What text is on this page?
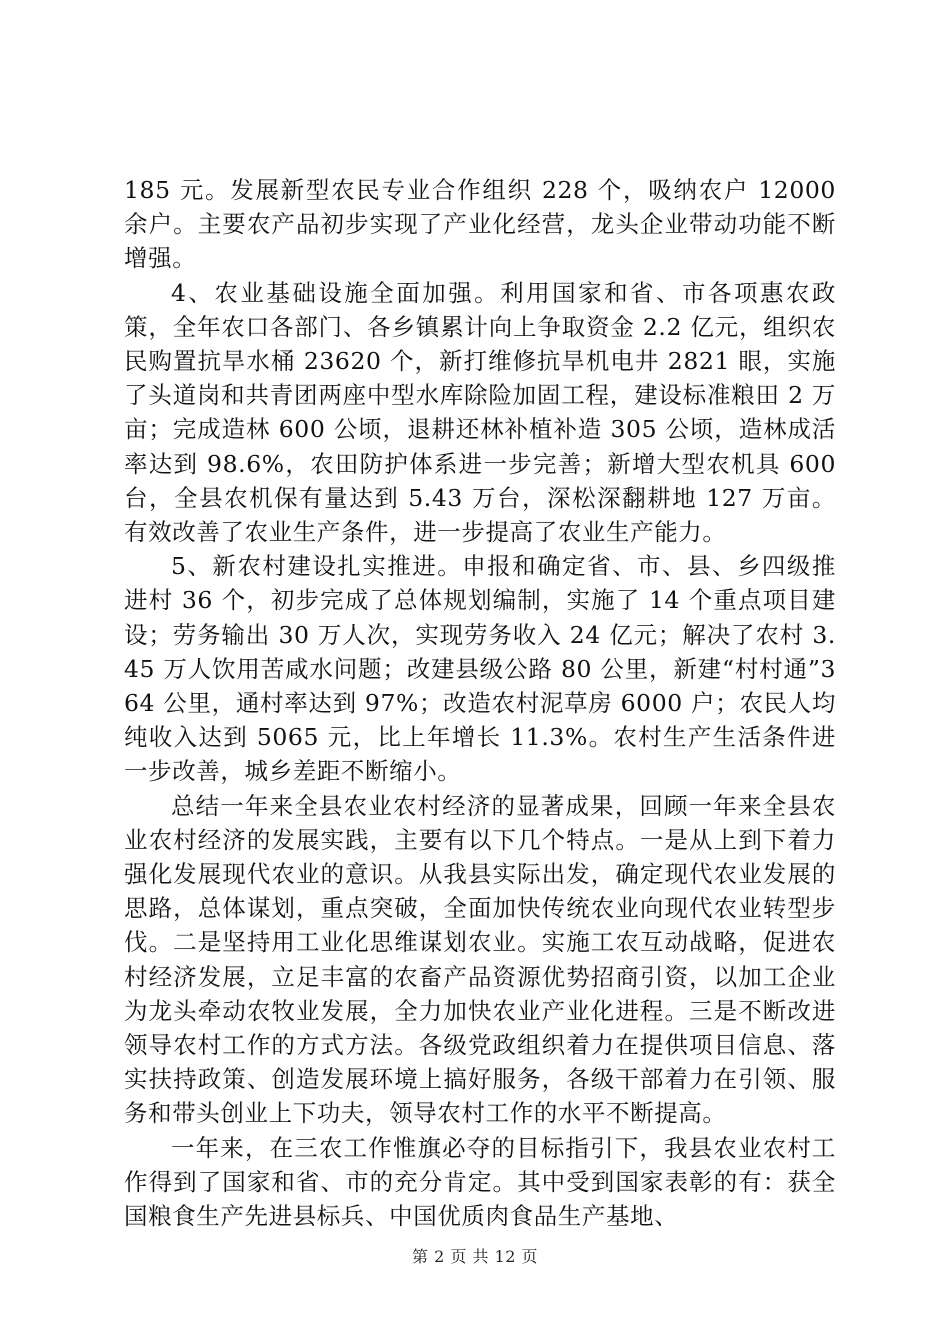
185 元。发展新型农民专业合作组织 228 个，吸纳农户 12000 余户。主要农产品初步实现了产业化经营，龙头企业带动功能不断增强。

4、农业基础设施全面加强。利用国家和省、市各项惠农政策，全年农口各部门、各乡镇累计向上争取资金 2.2 亿元，组织农民购置抗旱水桶 23620 个，新打维修抗旱机电井 2821 眼，实施了头道岗和共青团两座中型水库除险加固工程，建设标准粮田 2 万亩；完成造林 600 公顷，退耕还林补植补造 305 公顷，造林成活率达到 98.6%，农田防护体系进一步完善；新增大型农机具 600 台，全县农机保有量达到 5.43 万台，深松深翻耕地 127 万亩。有效改善了农业生产条件，进一步提高了农业生产能力。

5、新农村建设扎实推进。申报和确定省、市、县、乡四级推进村 36 个，初步完成了总体规划编制，实施了 14 个重点项目建设；劳务输出 30 万人次，实现劳务收入 24 亿元；解决了农村 3.45 万人饮用苦咸水问题；改建县级公路 80 公里，新建“村村通”364 公里，通村率达到 97%；改造农村泥草房 6000 户；农民人均纯收入达到 5065 元，比上年增长 11.3%。农村生产生活条件进一步改善，城乡差距不断缩小。

总结一年来全县农业农村经济的显著成果，回顾一年来全县农业农村经济的发展实践，主要有以下几个特点。一是从上到下着力强化发展现代农业的意识。从我县实际出发，确定现代农业发展的思路，总体谋划，重点突破，全面加快传统农业向现代农业转型步伐。二是坚持用工业化思维谋划农业。实施工农互动战略，促进农村经济发展，立足丰富的农畜产品资源优势招商引资，以加工企业为龙头牵动农牧业发展，全力加快农业产业化进程。三是不断改进领导农村工作的方式方法。各级党政组织着力在提供项目信息、落实扶持政策、创造发展环境上搞好服务，各级干部着力在引领、服务和带头创业上下功夫，领导农村工作的水平不断提高。

一年来，在三农工作惟旗必夺的目标指引下，我县农业农村工作得到了国家和省、市的充分肯定。其中受到国家表彰的有：获全国粮食生产先进县标兵、中国优质肉食品生产基地、

第 2 页 共 12 页
